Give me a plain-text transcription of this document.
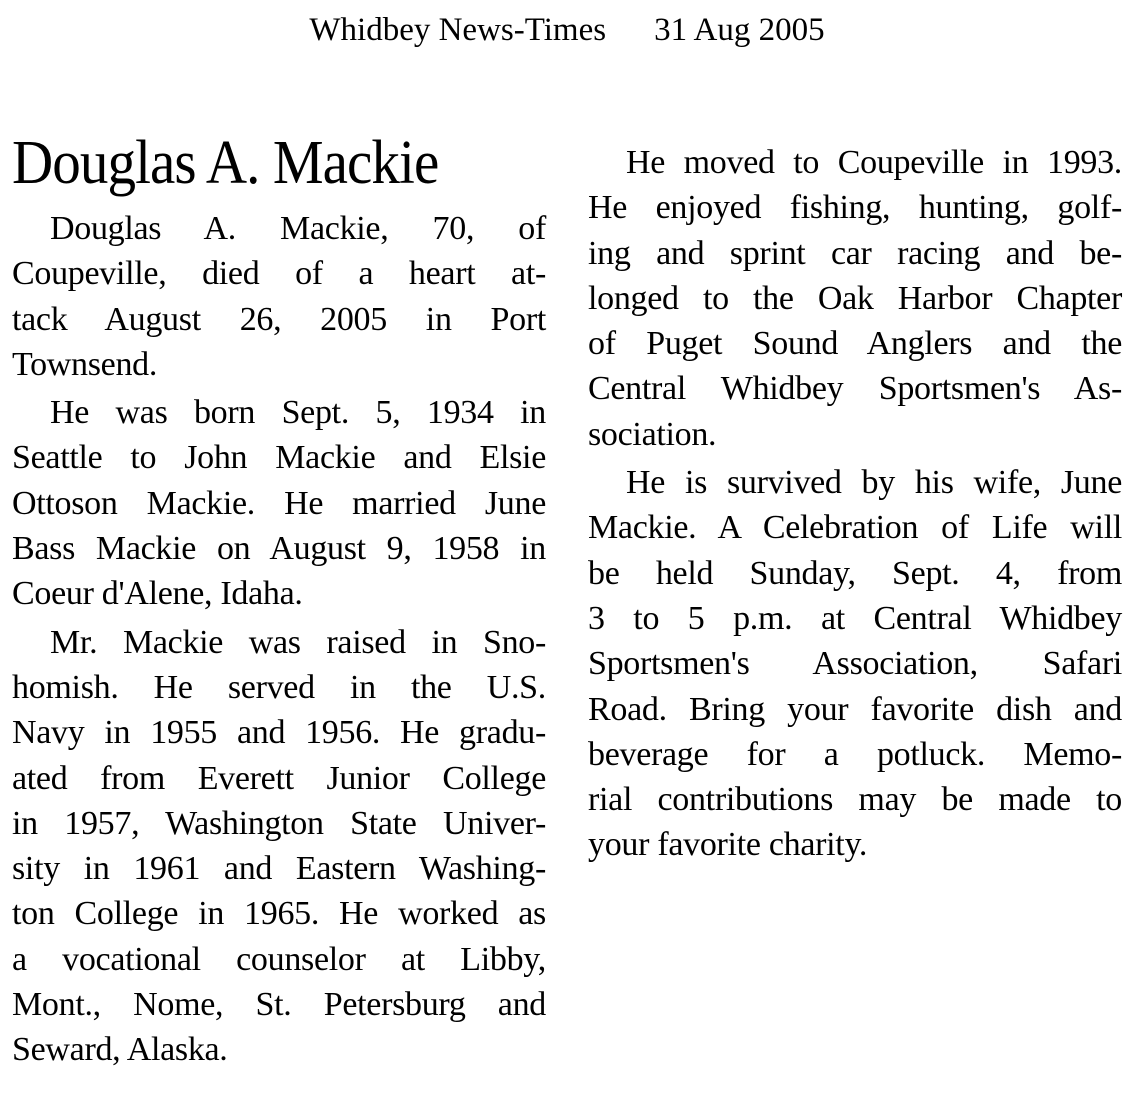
Whidbey News-Times 31 Aug 2005
Douglas A. Mackie
Douglas A. Mackie, 70, of
Coupeville, died of a heart at-
tack August 26, 2005 in Port
Townsend.
He was born Sept. 5, 1934 in
Seattle to John Mackie and Elsie
Ottoson Mackie. He married June
Bass Mackie on August 9, 1958 in
Coeur d'Alene, Idaha.
Mr. Mackie was raised in Sno-
homish. He served in the U.S.
Navy in 1955 and 1956. He gradu-
ated from Everett Junior College
in 1957, Washington State Univer-
sity in 1961 and Eastern Washing-
ton College in 1965. He worked as
a vocational counselor at Libby,
Mont., Nome, St. Petersburg and
Seward, Alaska.
He moved to Coupeville in 1993.
He enjoyed fishing, hunting, golf-
ing and sprint car racing and be-
longed to the Oak Harbor Chapter
of Puget Sound Anglers and the
Central Whidbey Sportsmen's As-
sociation.
He is survived by his wife, June
Mackie. A Celebration of Life will
be held Sunday, Sept. 4, from
3 to 5 p.m. at Central Whidbey
Sportsmen's Association, Safari
Road. Bring your favorite dish and
beverage for a potluck. Memo-
rial contributions may be made to
your favorite charity.
